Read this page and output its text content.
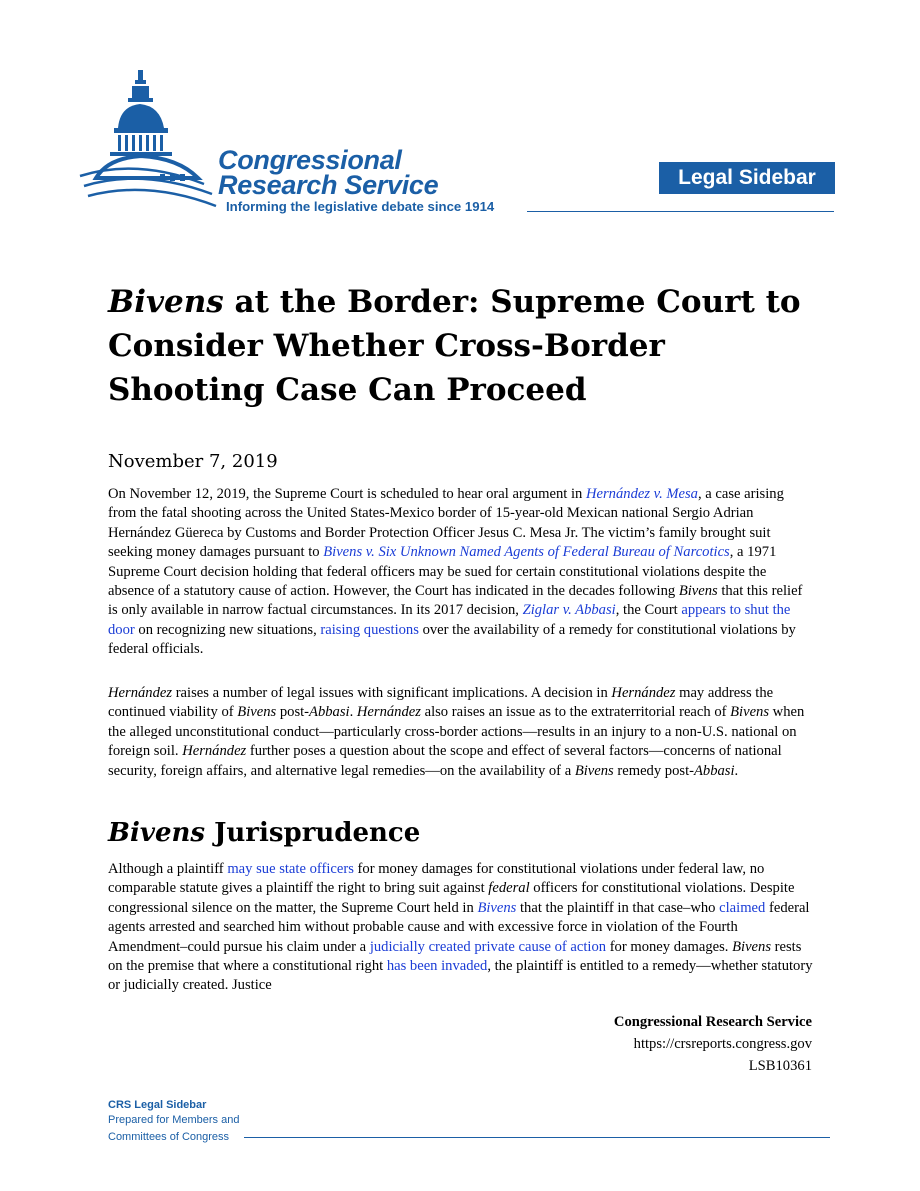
Congressional
Research Service
Informing the legislative debate since 1914
Legal Sidebar
Bivens at the Border: Supreme Court to Consider Whether Cross-Border Shooting Case Can Proceed
November 7, 2019

On November 12, 2019, the Supreme Court is scheduled to hear oral argument in Hernández v. Mesa, a case arising from the fatal shooting across the United States-Mexico border of 15-year-old Mexican national Sergio Adrian Hernández Güereca by Customs and Border Protection Officer Jesus C. Mesa Jr. The victim’s family brought suit seeking money damages pursuant to Bivens v. Six Unknown Named Agents of Federal Bureau of Narcotics, a 1971 Supreme Court decision holding that federal officers may be sued for certain constitutional violations despite the absence of a statutory cause of action. However, the Court has indicated in the decades following Bivens that this relief is only available in narrow factual circumstances. In its 2017 decision, Ziglar v. Abbasi, the Court appears to shut the door on recognizing new situations, raising questions over the availability of a remedy for constitutional violations by federal officials.

Hernández raises a number of legal issues with significant implications. A decision in Hernández may address the continued viability of Bivens post-Abbasi. Hernández also raises an issue as to the extraterritorial reach of Bivens when the alleged unconstitutional conduct—particularly cross-border actions—results in an injury to a non-U.S. national on foreign soil. Hernández further poses a question about the scope and effect of several factors—concerns of national security, foreign affairs, and alternative legal remedies—on the availability of a Bivens remedy post-Abbasi.

Bivens Jurisprudence

Although a plaintiff may sue state officers for money damages for constitutional violations under federal law, no comparable statute gives a plaintiff the right to bring suit against federal officers for constitutional violations. Despite congressional silence on the matter, the Supreme Court held in Bivens that the plaintiff in that case–who claimed federal agents arrested and searched him without probable cause and with excessive force in violation of the Fourth Amendment–could pursue his claim under a judicially created private cause of action for money damages. Bivens rests on the premise that where a constitutional right has been invaded, the plaintiff is entitled to a remedy—whether statutory or judicially created. Justice

Congressional Research Service
https://crsreports.congress.gov
LSB10361
CRS Legal Sidebar
Prepared for Members and
Committees of Congress
